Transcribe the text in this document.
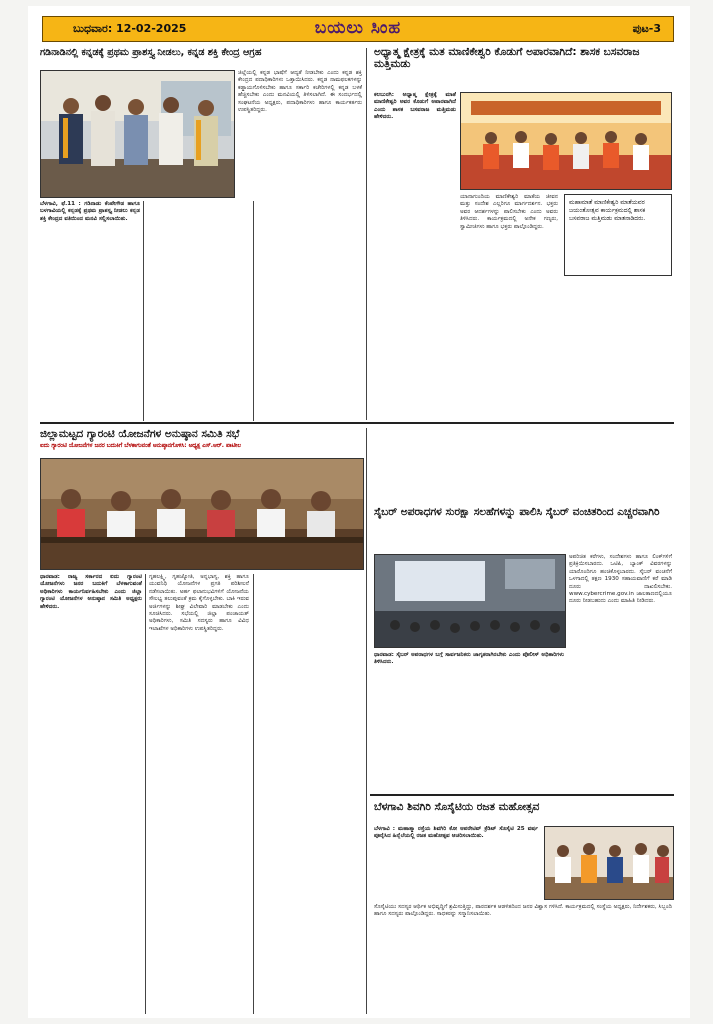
ಬುಧವಾರ: 12-02-2025	ಬಯಲು ಸಿಂಹ	ಪುಟ-3
ಗಡಿನಾಡಿನಲ್ಲಿ ಕನ್ನಡಕ್ಕೆ ಪ್ರಥಮ ಪ್ರಾಶಸ್ತ್ಯ ನೀಡಲು, ಕನ್ನಡ ಶಕ್ತಿ ಕೇಂದ್ರ ಆಗ್ರಹ

ಜಿಲ್ಲೆಯಲ್ಲಿ ಕನ್ನಡ ಭಾಷೆಗೆ ಆದ್ಯತೆ ನೀಡಬೇಕು ಎಂದು ಕನ್ನಡ ಶಕ್ತಿ ಕೇಂದ್ರದ ಪದಾಧಿಕಾರಿಗಳು ಒತ್ತಾಯಿಸಿದರು. ಕನ್ನಡ ನಾಮಫಲಕಗಳನ್ನು ಕಡ್ಡಾಯಗೊಳಿಸಬೇಕು ಹಾಗೂ ಸರ್ಕಾರಿ ಕಚೇರಿಗಳಲ್ಲಿ ಕನ್ನಡ ಬಳಕೆ ಹೆಚ್ಚಿಸಬೇಕು ಎಂದು ಮನವಿಯಲ್ಲಿ ತಿಳಿಸಲಾಗಿದೆ. ಈ ಸಂದರ್ಭದಲ್ಲಿ ಸಂಘಟನೆಯ ಅಧ್ಯಕ್ಷರು, ಪದಾಧಿಕಾರಿಗಳು ಹಾಗೂ ಕಾರ್ಯಕರ್ತರು ಉಪಸ್ಥಿತರಿದ್ದರು.

ಬೆಳಗಾವಿ, ಫೆ.11 : ಗಡಿನಾಡು ಕೆಂಪೇಗೌಡ ಹಾಗೂ ಬಳಗಾವಿಯಲ್ಲಿ ಕನ್ನಡಕ್ಕೆ ಪ್ರಥಮ ಪ್ರಾಶಸ್ತ್ಯ ನೀಡಲು ಕನ್ನಡ ಶಕ್ತಿ ಕೇಂದ್ರದ ವತಿಯಿಂದ ಮನವಿ ಸಲ್ಲಿಸಲಾಯಿತು.

ಅಧ್ಯಾತ್ಮ ಕ್ಷೇತ್ರಕ್ಕೆ ಮತ ಮಾಣಿಕೇಶ್ವರಿ ಕೊಡುಗೆ ಅಪಾರವಾಗಿದೆ: ಶಾಸಕ ಬಸವರಾಜ ಮತ್ತಿಮಡು

ಕಲಬುರಗಿ: ಅಧ್ಯಾತ್ಮ ಕ್ಷೇತ್ರಕ್ಕೆ ಮಾತೆ ಮಾಣಿಕೇಶ್ವರಿ ಅವರ ಕೊಡುಗೆ ಅಪಾರವಾಗಿದೆ ಎಂದು ಶಾಸಕ ಬಸವರಾಜ ಮತ್ತಿಮಡು ಹೇಳಿದರು.

ಯಾನಾಗುಂದಿಯ ಮಾಣಿಕೇಶ್ವರಿ ಮಾತೆಯ ಜೀವನ ಮತ್ತು ಸಂದೇಶ ಎಲ್ಲರಿಗೂ ಮಾರ್ಗದರ್ಶನ. ಭಕ್ತರು ಅವರ ಆದರ್ಶಗಳನ್ನು ಪಾಲಿಸಬೇಕು ಎಂದು ಅವರು ತಿಳಿಸಿದರು. ಕಾರ್ಯಕ್ರಮದಲ್ಲಿ ಅನೇಕ ಗಣ್ಯರು, ಸ್ವಾಮೀಜಿಗಳು ಹಾಗೂ ಭಕ್ತರು ಪಾಲ್ಗೊಂಡಿದ್ದರು.

ಮಹಾಮಾತೆ ಮಾಣಿಕೇಶ್ವರಿ ಮಾತೆಯವರ ಜಯಂತೋತ್ಸವ ಕಾರ್ಯಕ್ರಮದಲ್ಲಿ ಶಾಸಕ ಬಸವರಾಜ ಮತ್ತಿಮಡು ಮಾತನಾಡಿದರು.
ಜಿಲ್ಲಾಮಟ್ಟದ ಗ್ಯಾರಂಟಿ ಯೋಜನೆಗಳ ಅನುಷ್ಠಾನ ಸಮಿತಿ ಸಭೆ
ಐದು ಗ್ಯಾರಂಟಿ ಯೋಜನೆಗಳ ಜನರ ಬದುಕಿಗೆ ಬೆಳಕಾಗುವಂತೆ ಅನುಷ್ಠಾನಗೊಳಿಸಿ: ಅಧ್ಯಕ್ಷ ಎಸ್.ಆರ್. ಪಾಟೀಲ

ಧಾರವಾಡ: ರಾಜ್ಯ ಸರ್ಕಾರದ ಐದು ಗ್ಯಾರಂಟಿ ಯೋಜನೆಗಳು ಜನರ ಬದುಕಿಗೆ ಬೆಳಕಾಗುವಂತೆ ಅಧಿಕಾರಿಗಳು ಕಾರ್ಯನಿರ್ವಹಿಸಬೇಕು ಎಂದು ಜಿಲ್ಲಾ ಗ್ಯಾರಂಟಿ ಯೋಜನೆಗಳ ಅನುಷ್ಠಾನ ಸಮಿತಿ ಅಧ್ಯಕ್ಷರು ಹೇಳಿದರು.

ಗೃಹಲಕ್ಷ್ಮಿ, ಗೃಹಜ್ಯೋತಿ, ಅನ್ನಭಾಗ್ಯ, ಶಕ್ತಿ ಹಾಗೂ ಯುವನಿಧಿ ಯೋಜನೆಗಳ ಪ್ರಗತಿ ಪರಿಶೀಲನೆ ನಡೆಸಲಾಯಿತು. ಅರ್ಹ ಫಲಾನುಭವಿಗಳಿಗೆ ಯೋಜನೆಯ ಸೌಲಭ್ಯ ತಲುಪುವಂತೆ ಕ್ರಮ ಕೈಗೊಳ್ಳಬೇಕು. ಬಾಕಿ ಇರುವ ಅರ್ಜಿಗಳನ್ನು ಶೀಘ್ರ ವಿಲೇವಾರಿ ಮಾಡಬೇಕು ಎಂದು ಸೂಚಿಸಿದರು. ಸಭೆಯಲ್ಲಿ ಜಿಲ್ಲಾ ಪಂಚಾಯತ್ ಅಧಿಕಾರಿಗಳು, ಸಮಿತಿ ಸದಸ್ಯರು ಹಾಗೂ ವಿವಿಧ ಇಲಾಖೆಗಳ ಅಧಿಕಾರಿಗಳು ಉಪಸ್ಥಿತರಿದ್ದರು.

ಸೈಬರ್ ಅಪರಾಧಗಳ ಸುರಕ್ಷಾ ಸಲಹೆಗಳನ್ನು ಪಾಲಿಸಿ ಸೈಬರ್ ವಂಚಿತರಿಂದ ಎಚ್ಚರವಾಗಿರಿ

ಅಪರಿಚಿತ ಕರೆಗಳು, ಸಂದೇಶಗಳು ಹಾಗೂ ಲಿಂಕ್‌ಗಳಿಗೆ ಪ್ರತಿಕ್ರಿಯಿಸಬಾರದು. ಒಟಿಪಿ, ಬ್ಯಾಂಕ್ ವಿವರಗಳನ್ನು ಯಾರೊಂದಿಗೂ ಹಂಚಿಕೊಳ್ಳಬಾರದು. ಸೈಬರ್ ವಂಚನೆಗೆ ಒಳಗಾದಲ್ಲಿ ತಕ್ಷಣ 1930 ಸಹಾಯವಾಣಿಗೆ ಕರೆ ಮಾಡಿ ದೂರು ದಾಖಲಿಸಬೇಕು. www.cybercrime.gov.in ಜಾಲತಾಣದಲ್ಲಿಯೂ ದೂರು ನೀಡಬಹುದು ಎಂದು ಮಾಹಿತಿ ನೀಡಿದರು.

ಧಾರವಾಡ: ಸೈಬರ್ ಅಪರಾಧಗಳ ಬಗ್ಗೆ ಸಾರ್ವಜನಿಕರು ಜಾಗೃತರಾಗಿರಬೇಕು ಎಂದು ಪೊಲೀಸ್ ಅಧಿಕಾರಿಗಳು ತಿಳಿಸಿದರು.

ಬೆಳಗಾವಿ ಶಿವಗಿರಿ ಸೊಸೈಟಿಯ ರಜತ ಮಹೋತ್ಸವ

ಬೆಳಗಾವಿ : ಮಹಾತ್ಮಾ ರಸ್ತೆಯ ಶಿವಗಿರಿ ಕೋ ಆಪರೇಟಿವ್ ಕ್ರೆಡಿಟ್ ಸೊಸೈಟಿ 25 ವರ್ಷ ಪೂರೈಸಿದ ಹಿನ್ನೆಲೆಯಲ್ಲಿ ರಜತ ಮಹೋತ್ಸವ ಆಚರಿಸಲಾಯಿತು.

ಸೊಸೈಟಿಯು ಸದಸ್ಯರ ಆರ್ಥಿಕ ಅಭಿವೃದ್ಧಿಗೆ ಶ್ರಮಿಸುತ್ತಿದ್ದು, ಪಾರದರ್ಶಕ ಆಡಳಿತದಿಂದ ಜನರ ವಿಶ್ವಾಸ ಗಳಿಸಿದೆ. ಕಾರ್ಯಕ್ರಮದಲ್ಲಿ ಸಂಸ್ಥೆಯ ಅಧ್ಯಕ್ಷರು, ನಿರ್ದೇಶಕರು, ಸಿಬ್ಬಂದಿ ಹಾಗೂ ಸದಸ್ಯರು ಪಾಲ್ಗೊಂಡಿದ್ದರು. ಸಾಧಕರನ್ನು ಸನ್ಮಾನಿಸಲಾಯಿತು.
